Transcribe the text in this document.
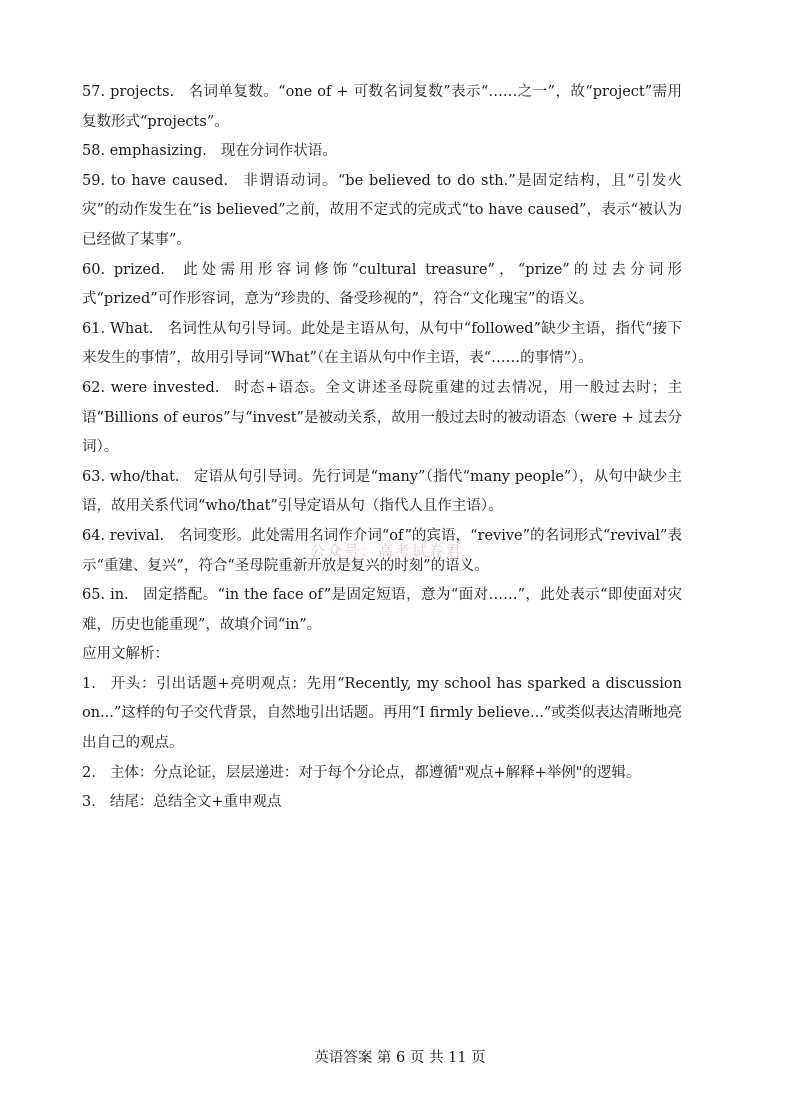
57. projects. 名词单复数。“one of + 可数名词复数”表示“……之一”，故“project”需用复数形式“projects”。

58. emphasizing. 现在分词作状语。

59. to have caused. 非谓语动词。“be believed to do sth.”是固定结构，且“引发火灾”的动作发生在“is believed”之前，故用不定式的完成式“to have caused”，表示“被认为已经做了某事”。

60. prized. 此处需用形容词修饰“cultural treasure”，“prize”的过去分词形式“prized”可作形容词，意为“珍贵的、备受珍视的”，符合“文化瑰宝”的语义。

61. What. 名词性从句引导词。此处是主语从句，从句中“followed”缺少主语，指代“接下来发生的事情”，故用引导词“What”（在主语从句中作主语，表“……的事情”）。

62. were invested. 时态+语态。全文讲述圣母院重建的过去情况，用一般过去时；主语“Billions of euros”与“invest”是被动关系，故用一般过去时的被动语态（were + 过去分词）。

63. who/that. 定语从句引导词。先行词是“many”（指代“many people”），从句中缺少主语，故用关系代词“who/that”引导定语从句（指代人且作主语）。

64. revival. 名词变形。此处需用名词作介词“of”的宾语，“revive”的名词形式“revival”表示“重建、复兴”，符合“圣母院重新开放是复兴的时刻”的语义。

65. in. 固定搭配。“in the face of”是固定短语，意为“面对……”，此处表示“即使面对灾难，历史也能重现”，故填介词“in”。

应用文解析：

1. 开头：引出话题+亮明观点：先用“Recently, my school has sparked a discussion on...”这样的句子交代背景，自然地引出话题。再用“I firmly believe...”或类似表达清晰地亮出自己的观点。

2. 主体：分点论证，层层递进：对于每个分论点，都遵循"观点+解释+举例"的逻辑。

3. 结尾：总结全文+重申观点

公众号：高考试卷君
英语答案 第 6 页 共 11 页
